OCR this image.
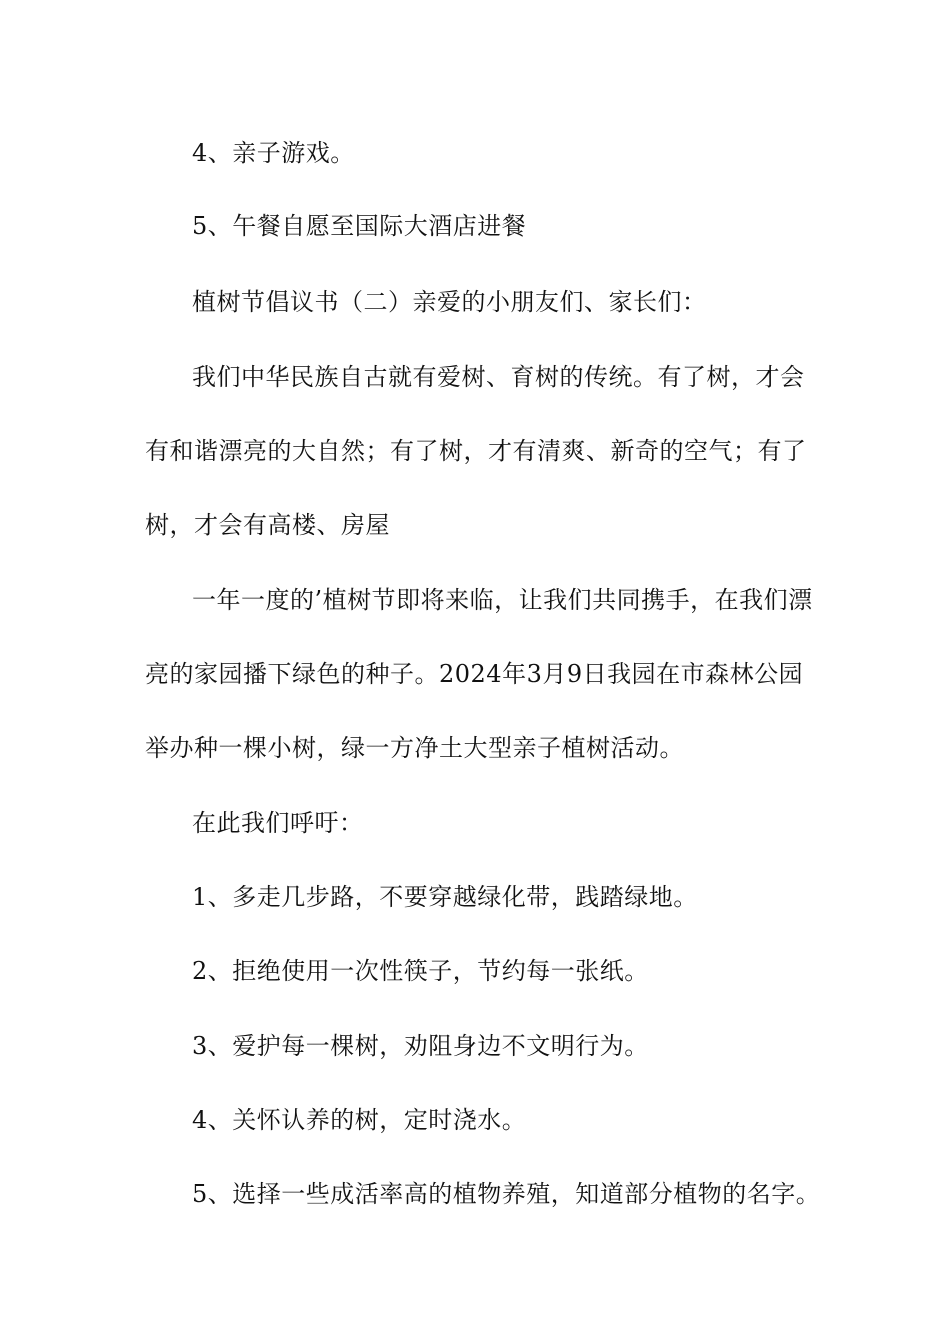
4、亲子游戏。
5、午餐自愿至国际大酒店进餐
植树节倡议书（二）亲爱的小朋友们、家长们：
我们中华民族自古就有爱树、育树的传统。有了树，才会
有和谐漂亮的大自然；有了树，才有清爽、新奇的空气；有了
树，才会有高楼、房屋
一年一度的’植树节即将来临，让我们共同携手，在我们漂
亮的家园播下绿色的种子。2024年3月9日我园在市森林公园
举办种一棵小树，绿一方净土大型亲子植树活动。
在此我们呼吁：
1、多走几步路，不要穿越绿化带，践踏绿地。
2、拒绝使用一次性筷子，节约每一张纸。
3、爱护每一棵树，劝阻身边不文明行为。
4、关怀认养的树，定时浇水。
5、选择一些成活率高的植物养殖，知道部分植物的名字。
